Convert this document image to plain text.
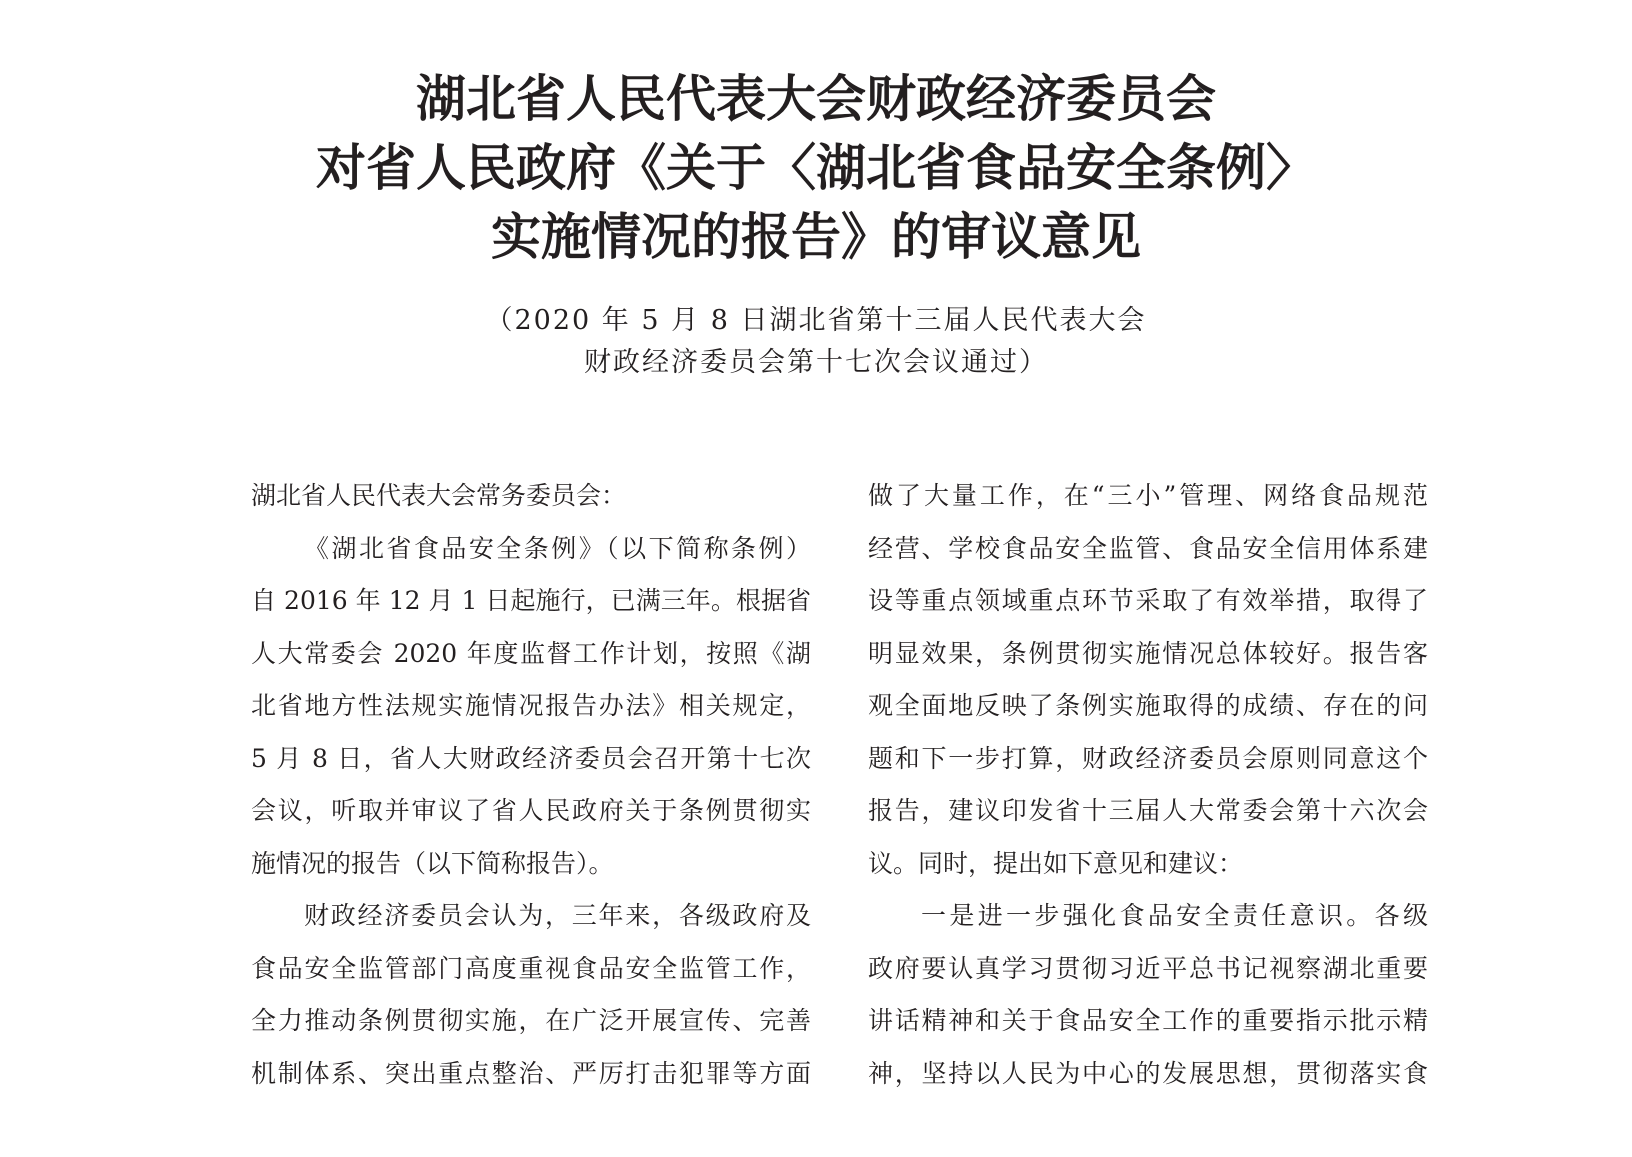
湖北省人民代表大会财政经济委员会
对省人民政府《关于〈湖北省食品安全条例〉
实施情况的报告》的审议意见
（2020 年 5 月 8 日湖北省第十三届人民代表大会
财政经济委员会第十七次会议通过）
湖北省人民代表大会常务委员会：
《湖北省食品安全条例》（以下简称条例）
自 2016 年 12 月 1 日起施行，已满三年。根据省
人大常委会 2020 年度监督工作计划，按照《湖
北省地方性法规实施情况报告办法》相关规定，
5 月 8 日，省人大财政经济委员会召开第十七次
会议，听取并审议了省人民政府关于条例贯彻实
施情况的报告（以下简称报告）。
财政经济委员会认为，三年来，各级政府及
食品安全监管部门高度重视食品安全监管工作，
全力推动条例贯彻实施，在广泛开展宣传、完善
机制体系、突出重点整治、严厉打击犯罪等方面
做了大量工作，在“三小”管理、网络食品规范
经营、学校食品安全监管、食品安全信用体系建
设等重点领域重点环节采取了有效举措，取得了
明显效果，条例贯彻实施情况总体较好。报告客
观全面地反映了条例实施取得的成绩、存在的问
题和下一步打算，财政经济委员会原则同意这个
报告，建议印发省十三届人大常委会第十六次会
议。同时，提出如下意见和建议：
一是进一步强化食品安全责任意识。各级
政府要认真学习贯彻习近平总书记视察湖北重要
讲话精神和关于食品安全工作的重要指示批示精
神，坚持以人民为中心的发展思想，贯彻落实食
